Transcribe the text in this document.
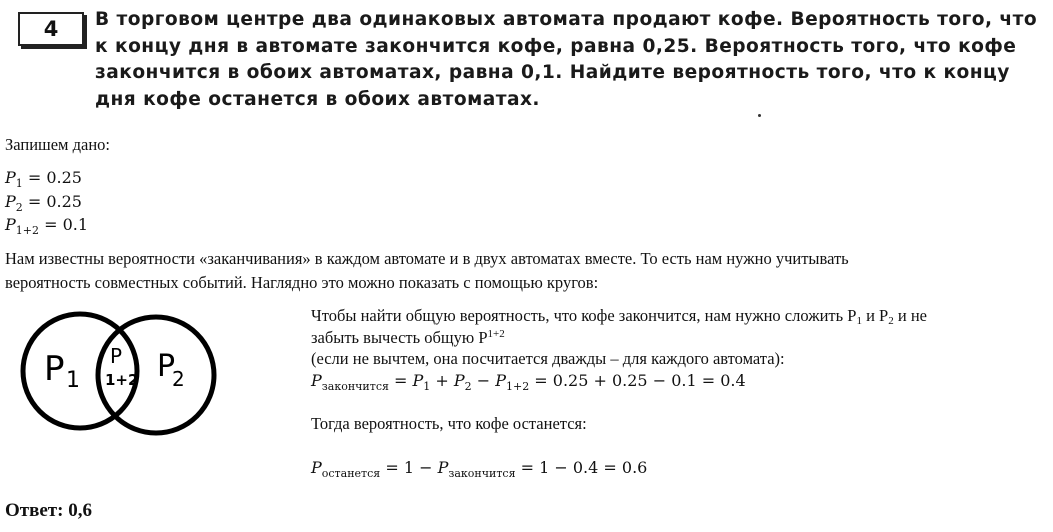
4	В торговом центре два одинаковых автомата продают кофе. Вероятность того, что
к концу дня в автомате закончится кофе, равна 0,25. Вероятность того, что кофе
закончится в обоих автоматах, равна 0,1. Найдите вероятность того, что к концу
дня кофе останется в обоих автоматах.
Запишем дано:
$P_1 = 0.25$
$P_2 = 0.25$
$P_{1+2} = 0.1$
Нам известны вероятности «заканчивания» в каждом автомате и в двух автоматах вместе. То есть нам нужно учитывать
вероятность совместных событий. Наглядно это можно показать с помощью кругов:
P 1
P
1+2 P
2
Чтобы найти общую вероятность, что кофе закончится, нам нужно сложить P1 и P2 и не
забыть вычесть общую $P^{1+2}$
(если не вычтем, она посчитается дважды – для каждого автомата):
$P_{закончится} = P_1 + P_2 - P_{1+2} = 0.25 + 0.25 - 0.1 = 0.4$
Тогда вероятность, что кофе останется:
$P_{останется} = 1 - P_{закончится} = 1 - 0.4 = 0.6$
Ответ: 0,6
